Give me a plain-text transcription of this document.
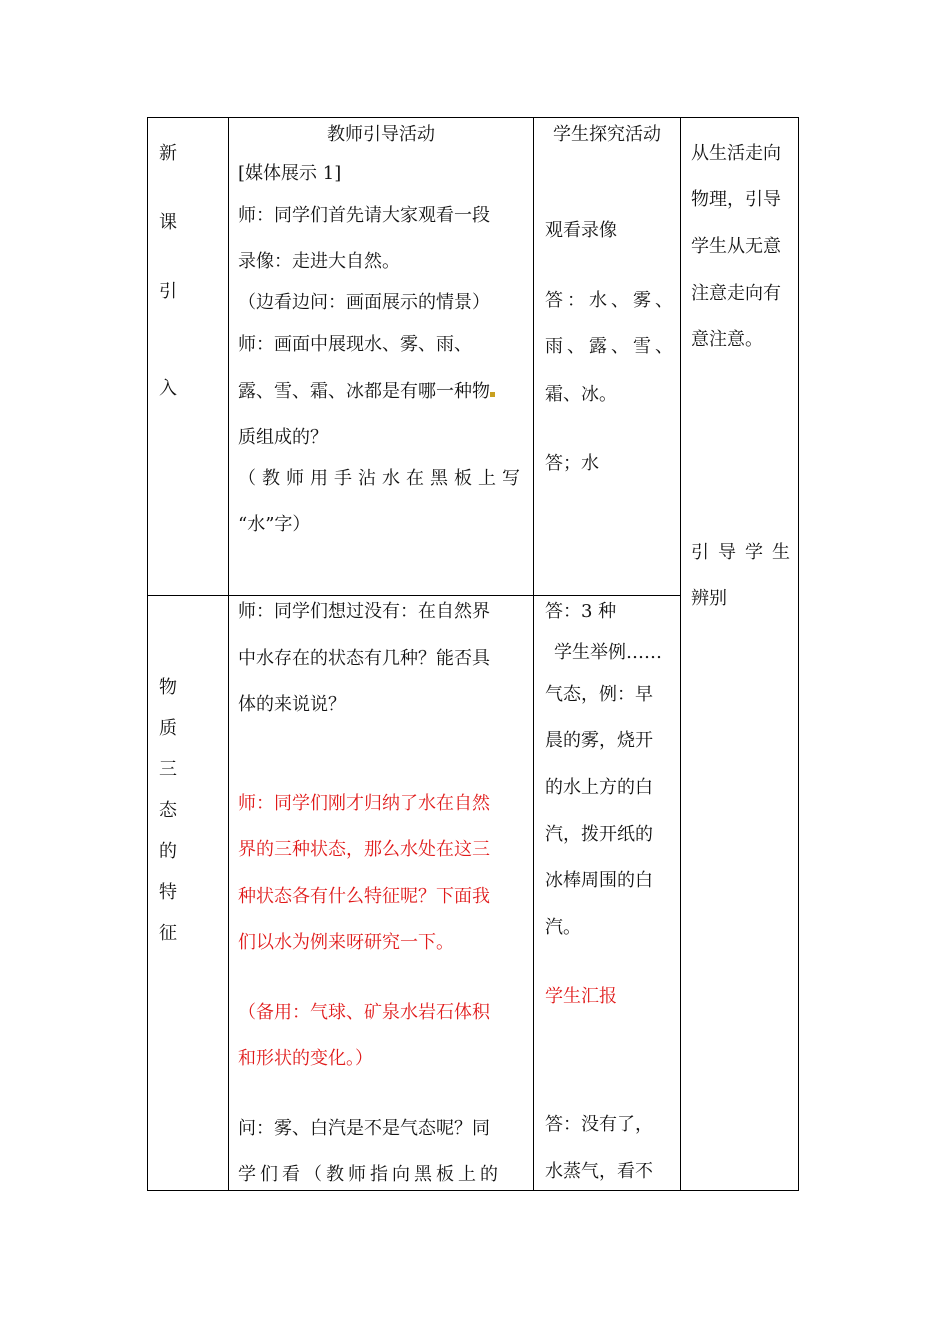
教师引导活动	学生探究活动
新
课
引
入
[媒体展示 1]
师：同学们首先请大家观看一段
录像：走进大自然。
（边看边问：画面展示的情景）
师：画面中展现水、雾、雨、
露、雪、霜、冰都是有哪一种物
质组成的？
（教师用手沾水在黑板上写
“水”字）
观看录像
答：水、雾、
雨、露、雪、
霜、冰。
答；水
从生活走向
物理，引导
学生从无意
注意走向有
意注意。
引导学生
辨别
物
质
三
态
的
特
征
师：同学们想过没有：在自然界
中水存在的状态有几种？能否具
体的来说说？
师：同学们刚才归纳了水在自然
界的三种状态，那么水处在这三
种状态各有什么特征呢？下面我
们以水为例来呀研究一下。
（备用：气球、矿泉水岩石体积
和形状的变化。）
问：雾、白汽是不是气态呢？同
学们看（教师指向黑板上的
答：3 种
学生举例……
气态，例：早
晨的雾，烧开
的水上方的白
汽，拨开纸的
冰棒周围的白
汽。
学生汇报
答：没有了，
水蒸气，看不
